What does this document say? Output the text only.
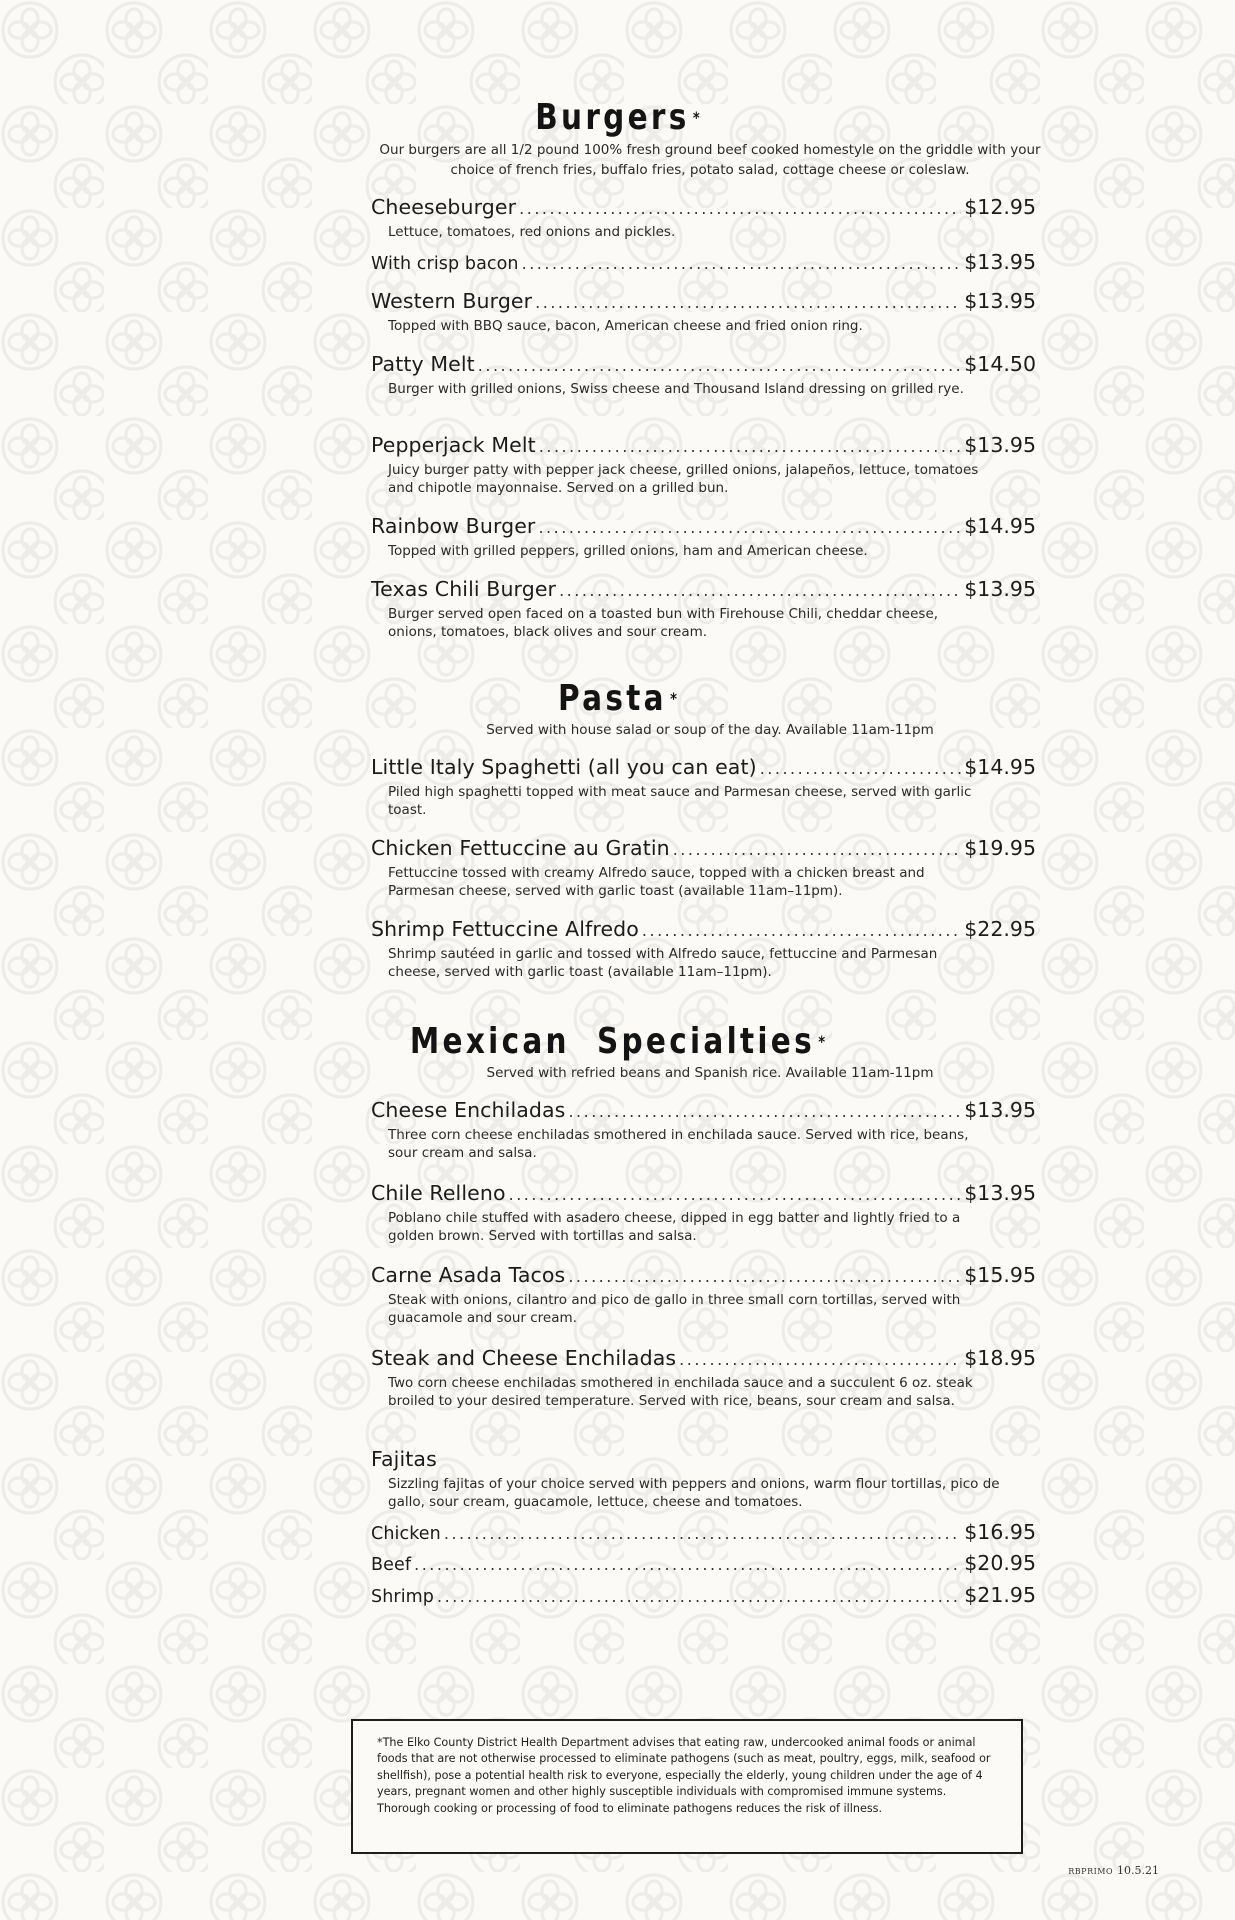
Burgers *

Our burgers are all 1/2 pound 100% fresh ground beef cooked homestyle on the griddle with your choice of french fries, buffalo fries, potato salad, cottage cheese or coleslaw.

Cheeseburger .....	$12.95

Lettuce, tomatoes, red onions and pickles.

With crisp bacon .....	$13.95
Western Burger .....	$13.95

Topped with BBQ sauce, bacon, American cheese and fried onion ring.

Patty Melt .....	$14.50

Burger with grilled onions, Swiss cheese and Thousand Island dressing on grilled rye.

Pepperjack Melt .....	$13.95

Juicy burger patty with pepper jack cheese, grilled onions, jalapeños, lettuce, tomatoes and chipotle mayonnaise. Served on a grilled bun.

Rainbow Burger .....	$14.95

Topped with grilled peppers, grilled onions, ham and American cheese.

Texas Chili Burger .....	$13.95

Burger served open faced on a toasted bun with Firehouse Chili, cheddar cheese, onions, tomatoes, black olives and sour cream.

Pasta *

Served with house salad or soup of the day. Available 11am-11pm

Little Italy Spaghetti (all you can eat) .....	$14.95

Piled high spaghetti topped with meat sauce and Parmesan cheese, served with garlic toast.

Chicken Fettuccine au Gratin .....	$19.95

Fettuccine tossed with creamy Alfredo sauce, topped with a chicken breast and Parmesan cheese, served with garlic toast (available 11am–11pm).

Shrimp Fettuccine Alfredo .....	$22.95

Shrimp sautéed in garlic and tossed with Alfredo sauce, fettuccine and Parmesan cheese, served with garlic toast (available 11am–11pm).

Mexican  Specialties *

Served with refried beans and Spanish rice. Available 11am-11pm

Cheese Enchiladas .....	$13.95

Three corn cheese enchiladas smothered in enchilada sauce. Served with rice, beans, sour cream and salsa.

Chile Relleno .....	$13.95

Poblano chile stuffed with asadero cheese, dipped in egg batter and lightly fried to a golden brown. Served with tortillas and salsa.

Carne Asada Tacos .....	$15.95

Steak with onions, cilantro and pico de gallo in three small corn tortillas, served with guacamole and sour cream.

Steak and Cheese Enchiladas .....	$18.95

Two corn cheese enchiladas smothered in enchilada sauce and a succulent 6 oz. steak broiled to your desired temperature. Served with rice, beans, sour cream and salsa.

Fajitas

Sizzling fajitas of your choice served with peppers and onions, warm flour tortillas, pico de gallo, sour cream, guacamole, lettuce, cheese and tomatoes.

Chicken .....	$16.95
Beef .....	$20.95
Shrimp .....	$21.95
*The Elko County District Health Department advises that eating raw, undercooked animal foods or animal foods that are not otherwise processed to eliminate pathogens (such as meat, poultry, eggs, milk, seafood or shellfish), pose a potential health risk to everyone, especially the elderly, young children under the age of 4 years, pregnant women and other highly susceptible individuals with compromised immune systems. Thorough cooking or processing of food to eliminate pathogens reduces the risk of illness.
RBPRIMO 10.5.21
